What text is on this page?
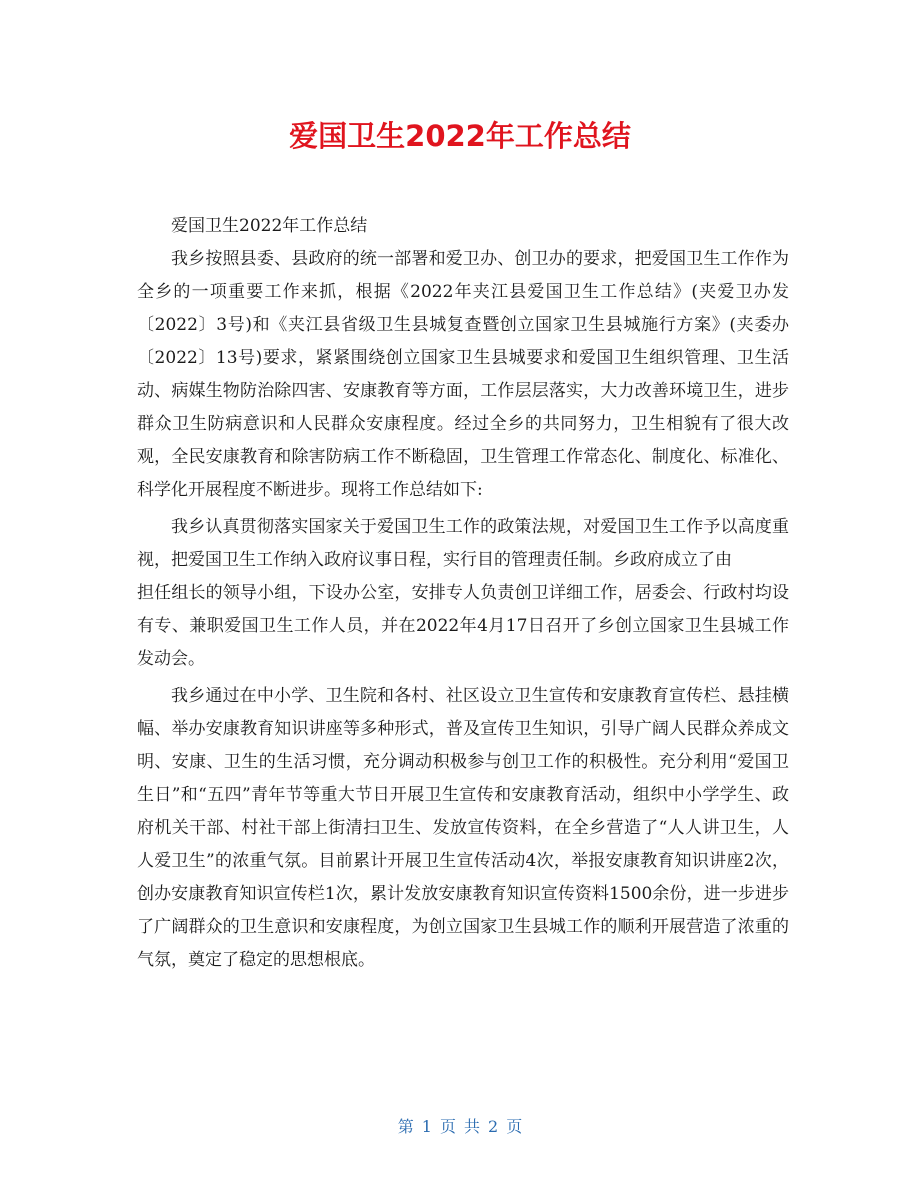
爱国卫生2022年工作总结

爱国卫生2022年工作总结

我乡按照县委、县政府的统一部署和爱卫办、创卫办的要求，把爱国卫生工作作为全乡的一项重要工作来抓，根据《2022年夹江县爱国卫生工作总结》(夹爱卫办发〔2022〕3号)和《夹江县省级卫生县城复查暨创立国家卫生县城施行方案》(夹委办〔2022〕13号)要求，紧紧围绕创立国家卫生县城要求和爱国卫生组织管理、卫生活动、病媒生物防治除四害、安康教育等方面，工作层层落实，大力改善环境卫生，进步群众卫生防病意识和人民群众安康程度。经过全乡的共同努力，卫生相貌有了很大改观，全民安康教育和除害防病工作不断稳固，卫生管理工作常态化、制度化、标准化、科学化开展程度不断进步。现将工作总结如下:

我乡认真贯彻落实国家关于爱国卫生工作的政策法规，对爱国卫生工作予以高度重视，把爱国卫生工作纳入政府议事日程，实行目的管理责任制。乡政府成立了由

担任组长的领导小组，下设办公室，安排专人负责创卫详细工作，居委会、行政村均设有专、兼职爱国卫生工作人员，并在2022年4月17日召开了乡创立国家卫生县城工作发动会。

我乡通过在中小学、卫生院和各村、社区设立卫生宣传和安康教育宣传栏、悬挂横幅、举办安康教育知识讲座等多种形式，普及宣传卫生知识，引导广阔人民群众养成文明、安康、卫生的生活习惯，充分调动积极参与创卫工作的积极性。充分利用“爱国卫生日”和“五四”青年节等重大节日开展卫生宣传和安康教育活动，组织中小学学生、政府机关干部、村社干部上街清扫卫生、发放宣传资料，在全乡营造了“人人讲卫生，人人爱卫生”的浓重气氛。目前累计开展卫生宣传活动4次，举报安康教育知识讲座2次，创办安康教育知识宣传栏1次，累计发放安康教育知识宣传资料1500余份，进一步进步了广阔群众的卫生意识和安康程度，为创立国家卫生县城工作的顺利开展营造了浓重的气氛，奠定了稳定的思想根底。

第 1 页 共 2 页
